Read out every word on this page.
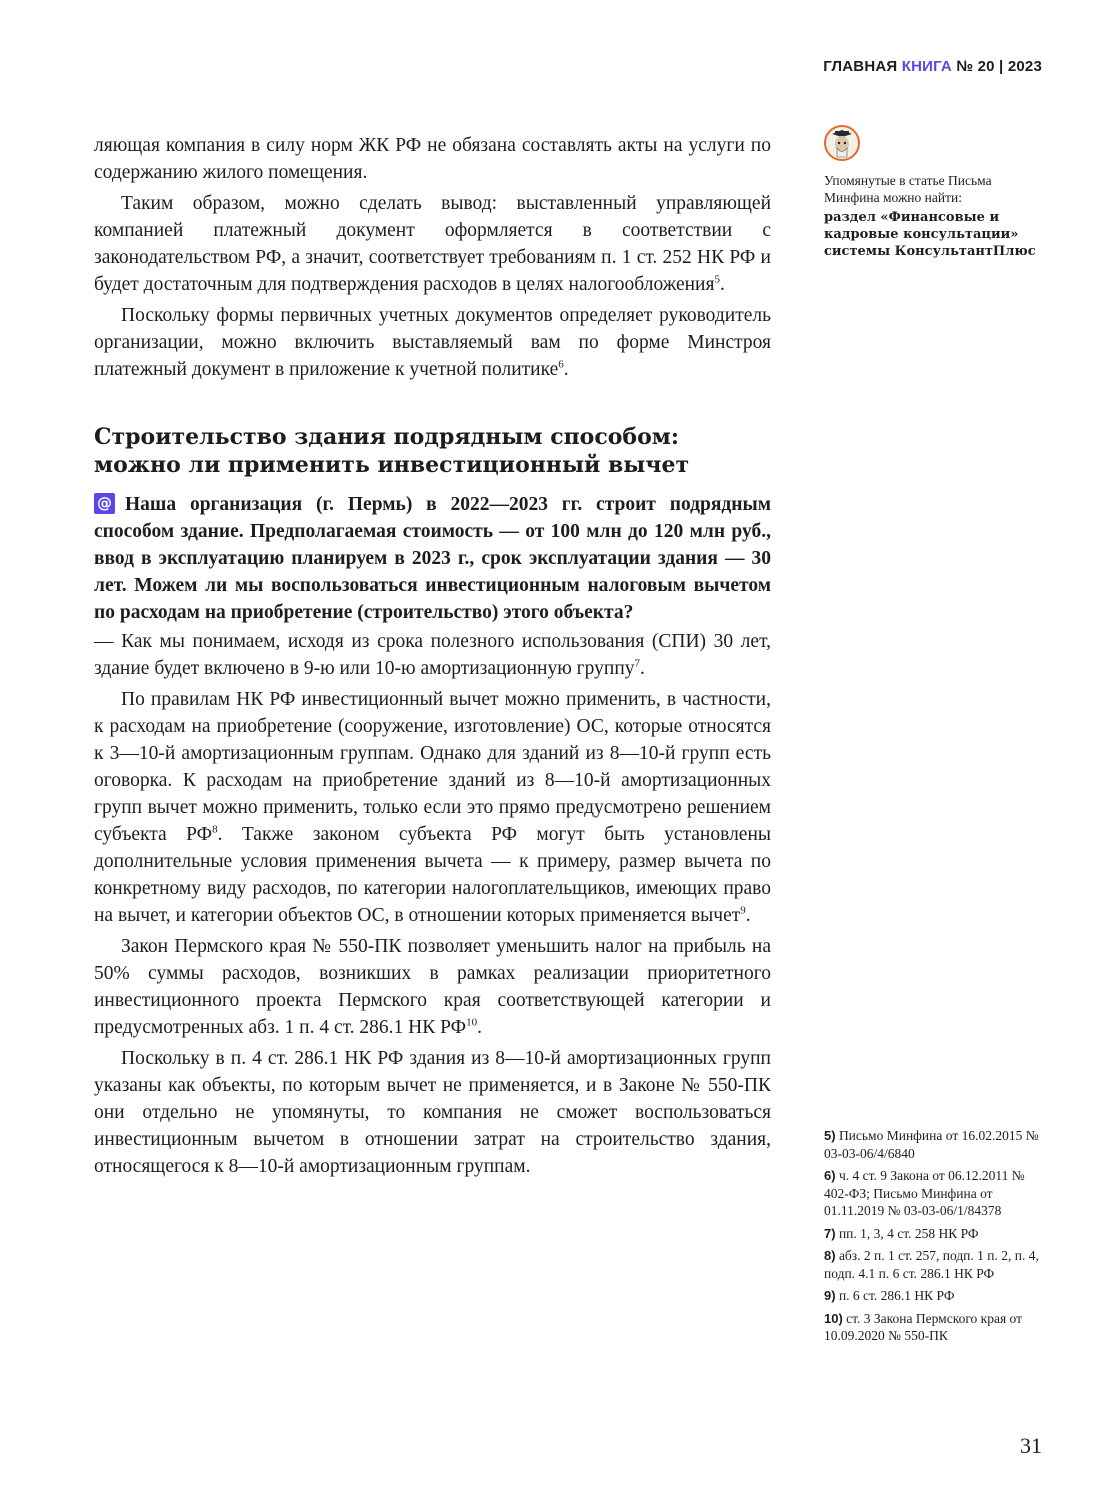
ГЛАВНАЯ КНИГА № 20 | 2023

ляющая компания в силу норм ЖК РФ не обязана составлять акты на услуги по содержанию жилого помещения.

Таким образом, можно сделать вывод: выставленный управляющей компанией платежный документ оформляется в соответствии с законодательством РФ, а значит, соответствует требованиям п. 1 ст. 252 НК РФ и будет достаточным для подтверждения расходов в целях налогообложения$^5$.

Поскольку формы первичных учетных документов определяет руководитель организации, можно включить выставляемый вам по форме Минстроя платежный документ в приложение к учетной политике$^6$.

Строительство здания подрядным способом: можно ли применить инвестиционный вычет

@ Наша организация (г. Пермь) в 2022—2023 гг. строит подрядным способом здание. Предполагаемая стоимость — от 100 млн до 120 млн руб., ввод в эксплуатацию планируем в 2023 г., срок эксплуатации здания — 30 лет. Можем ли мы воспользоваться инвестиционным налоговым вычетом по расходам на приобретение (строительство) этого объекта?

— Как мы понимаем, исходя из срока полезного использования (СПИ) 30 лет, здание будет включено в 9-ю или 10-ю амортизационную группу$^7$.

По правилам НК РФ инвестиционный вычет можно применить, в частности, к расходам на приобретение (сооружение, изготовление) ОС, которые относятся к 3—10-й амортизационным группам. Однако для зданий из 8—10-й групп есть оговорка. К расходам на приобретение зданий из 8—10-й амортизационных групп вычет можно применить, только если это прямо предусмотрено решением субъекта $РФ^8$. Также законом субъекта РФ могут быть установлены дополнительные условия применения вычета — к примеру, размер вычета по конкретному виду расходов, по категории налогоплательщиков, имеющих право на вычет, и категории объектов ОС, в отношении которых применяется вычет$^9$.

Закон Пермского края № 550-ПК позволяет уменьшить налог на прибыль на 50% суммы расходов, возникших в рамках реализации приоритетного инвестиционного проекта Пермского края соответствующей категории и предусмотренных абз. 1 п. 4 ст. 286.1 НК РФ$^{10}$.

Поскольку в п. 4 ст. 286.1 НК РФ здания из 8—10-й амортизационных групп указаны как объекты, по которым вычет не применяется, и в Законе № 550-ПК они отдельно не упомянуты, то компания не сможет воспользоваться инвестиционным вычетом в отношении затрат на строительство здания, относящегося к 8—10-й амортизационным группам.

Упомянутые в статье Письма Минфина можно найти:

раздел «Финансовые и кадровые консультации» системы КонсультантПлюс

5) Письмо Минфина от 16.02.2015 № 03-03-06/4/6840

6) ч. 4 ст. 9 Закона от 06.12.2011 № 402-ФЗ; Письмо Минфина от 01.11.2019 № 03-03-06/1/84378

7) пп. 1, 3, 4 ст. 258 НК РФ

8) абз. 2 п. 1 ст. 257, подп. 1 п. 2, п. 4, подп. 4.1 п. 6 ст. 286.1 НК РФ

9) п. 6 ст. 286.1 НК РФ

10) ст. 3 Закона Пермского края от 10.09.2020 № 550-ПК

31
